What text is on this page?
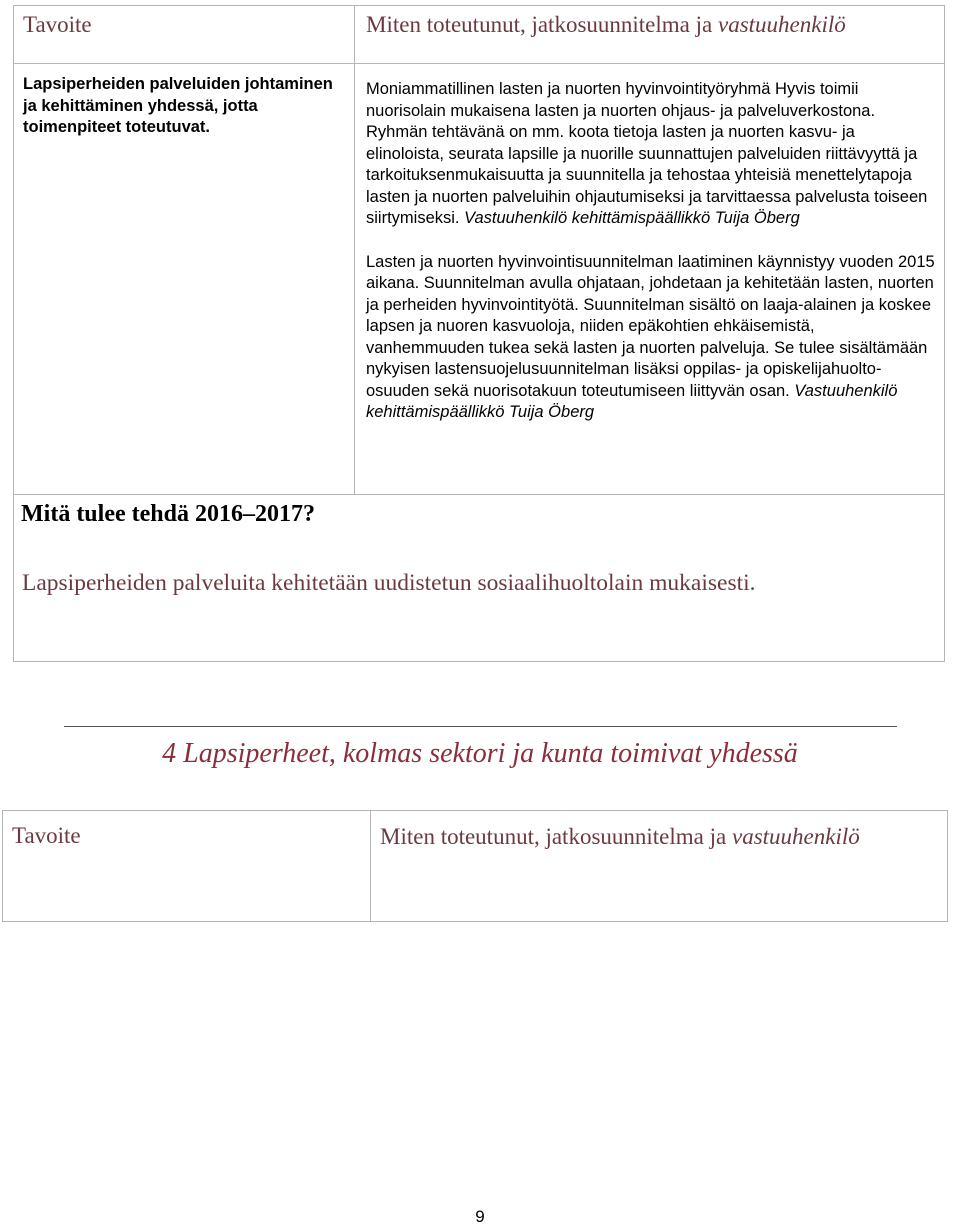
Tavoite	Miten toteutunut, jatkosuunnitelma ja vastuuhenkilö
Lapsiperheiden palveluiden johtaminen ja kehittäminen yhdessä, jotta toimenpiteet toteutuvat.

Moniammatillinen lasten ja nuorten hyvinvointityöryhmä Hyvis toimii nuorisolain mukaisena lasten ja nuorten ohjaus- ja palveluverkostona. Ryhmän tehtävänä on mm. koota tietoja lasten ja nuorten kasvu- ja elinoloista, seurata lapsille ja nuorille suunnattujen palveluiden riittävyyttä ja tarkoituksenmukaisuutta ja suunnitella ja tehostaa yhteisiä menettelytapoja lasten ja nuorten palveluihin ohjautumiseksi ja tarvittaessa palvelusta toiseen siirtymiseksi. Vastuuhenkilö kehittämispäällikkö Tuija Öberg

Lasten ja nuorten hyvinvointisuunnitelman laatiminen käynnistyy vuoden 2015 aikana. Suunnitelman avulla ohjataan, johdetaan ja kehitetään lasten, nuorten ja perheiden hyvinvointityötä. Suunnitelman sisältö on laaja-alainen ja koskee lapsen ja nuoren kasvuoloja, niiden epäkohtien ehkäisemistä, vanhemmuuden tukea sekä lasten ja nuorten palveluja. Se tulee sisältämään nykyisen lastensuojelusuunnitelman lisäksi oppilas- ja opiskelijahuolto-osuuden sekä nuorisotakuun toteutumiseen liittyvän osan. Vastuuhenkilö kehittämispäällikkö Tuija Öberg

Mitä tulee tehdä 2016–2017?
Lapsiperheiden palveluita kehitetään uudistetun sosiaalihuoltolain mukaisesti.
4 Lapsiperheet, kolmas sektori ja kunta toimivat yhdessä
Tavoite	Miten toteutunut, jatkosuunnitelma ja vastuuhenkilö
9
